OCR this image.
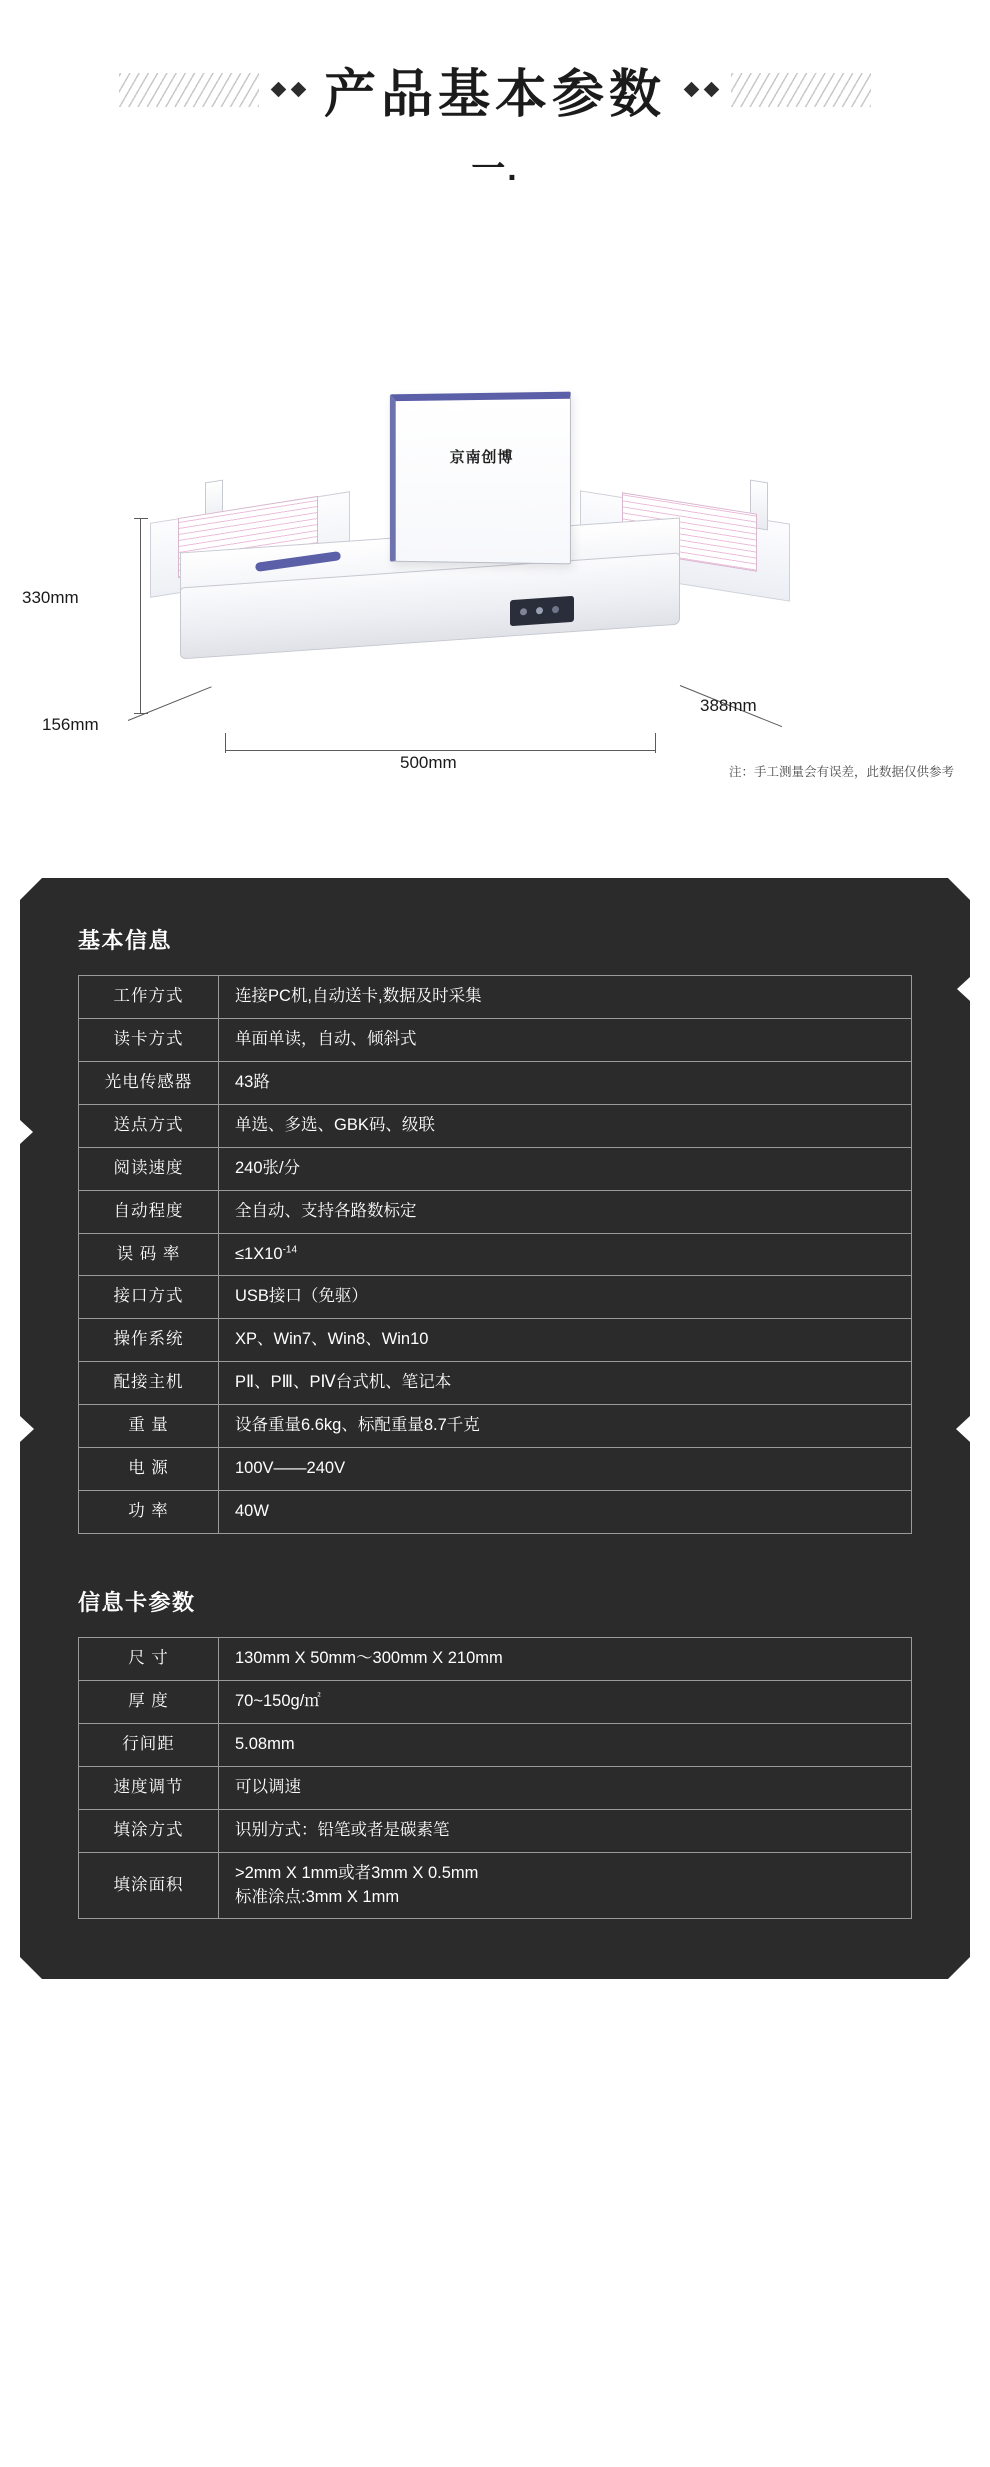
产品基本参数
一.
京南创博
330mm
156mm
500mm
388mm
注：手工测量会有误差，此数据仅供参考
基本信息
工作方式	连接PC机,自动送卡,数据及时采集
读卡方式	单面单读，自动、倾斜式
光电传感器	43路
送点方式	单选、多选、GBK码、级联
阅读速度	240张/分
自动程度	全自动、支持各路数标定
误 码 率	$\le 1X10^{-14}$
接口方式	USB接口（免驱）
操作系统	XP、Win7、Win8、Win10
配接主机	PⅡ、PⅢ、PⅣ台式机、笔记本
重 量	设备重量6.6kg、标配重量8.7千克
电 源	100V——240V
功 率	40W
信息卡参数
尺 寸	130mm X 50mm～300mm X 210mm
厚 度	70~150g/㎡
行间距	5.08mm
速度调节	可以调速
填涂方式	识别方式：铅笔或者是碳素笔
填涂面积	>2mm X 1mm或者3mm X 0.5mm
标准涂点:3mm X 1mm
